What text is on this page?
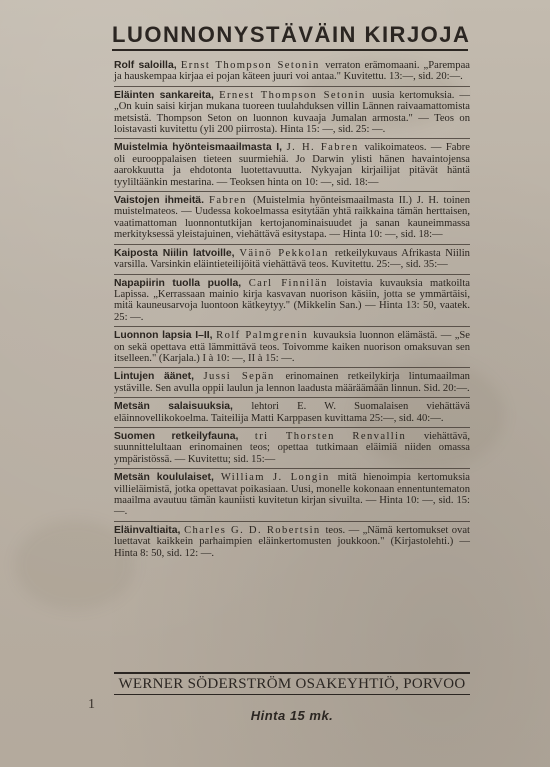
LUONNONYSTÄVÄIN KIRJOJA
Rolf saloilla, Ernst Thompson Setonin verraton erämomaani. „Parempaa ja hauskempaa kirjaa ei pojan käteen juuri voi antaa." Kuvitettu. 13:—, sid. 20:—.
Eläinten sankareita, Ernest Thompson Setonin uusia kertomuksia. — „On kuin saisi kirjan mukana tuoreen tuulahduksen villin Lännen raivaamattomista metsistä. Thompson Seton on luonnon kuvaaja Jumalan armosta." — Teos on loistavasti kuvitettu (yli 200 piirrosta). Hinta 15: —, sid. 25: —.
Muistelmia hyönteismaailmasta I, J. H. Fabren valikoimateos. — Fabre oli eurooppalaisen tieteen suurmiehiä. Jo Darwin ylisti hänen havaintojensa aarokkuutta ja ehdotonta luotettavuutta. Nykyajan kirjailijat pitävät häntä tyyliltäänkin mestarina. — Teoksen hinta on 10: —, sid. 18:—
Vaistojen ihmeitä. Fabren (Muistelmia hyönteismaailmasta II.) J. H. toinen muistelmateos. — Uudessa kokoelmassa esitytään yhtä raikkaina tämän herttaisen, vaatimattoman luonnontutkijan kertojanominaisuudet ja sanan kauneimmassa merkityksessä yleistajuinen, viehättävä esitystapa. — Hinta 10: —, sid. 18:—
Kaiposta Niilin latvoille, Väinö Pekkolan retkeilykuvaus Afrikasta Niilin varsilla. Varsinkin eläintieteilijöitä viehättävä teos. Kuvitettu. 25:—, sid. 35:—
Napapiirin tuolla puolla, Carl Finnilän loistavia kuvauksia matkoilta Lapissa. „Kerrassaan mainio kirja kasvavan nuorison käsiin, jotta se ymmärtäisi, mitä kauneusarvoja luontoon kätkeytyy." (Mikkelin San.) — Hinta 13: 50, vaatek. 25: —.
Luonnon lapsia I–II, Rolf Palmgrenin kuvauksia luonnon elämästä. — „Se on sekä opettava että lämmittävä teos. Toivomme kaiken nuorison omaksuvan sen itselleen." (Karjala.) I à 10: —, II à 15: —.
Lintujen äänet, Jussi Sepän erinomainen retkeilykirja lintumaailman ystäville. Sen avulla oppii laulun ja lennon laadusta määräämään linnun. Sid. 20:—.
Metsän salaisuuksia, lehtori E. W. Suomalaisen viehättävä eläinnovellikokoelma. Taiteilija Matti Karppasen kuvittama 25:—, sid. 40:—.
Suomen retkeilyfauna, tri Thorsten Renvallin viehättävä, suunnittelultaan erinomainen teos; opettaa tutkimaan eläimiä niiden omassa ympäristössä. — Kuvitettu; sid. 15:—
Metsän koululaiset, William J. Longin mitä hienoimpia kertomuksia villieläimistä, jotka opettavat poikasiaan. Uusi, monelle kokonaan ennentuntematon maailma avautuu tämän kauniisti kuvitetun kirjan sivuilta. — Hinta 10: —, sid. 15: —.
Eläinvaltiaita, Charles G. D. Robertsin teos. — „Nämä kertomukset ovat luettavat kaikkein parhaimpien eläinkertomusten joukkoon." (Kirjastolehti.) — Hinta 8: 50, sid. 12: —.
WERNER SÖDERSTRÖM OSAKEYHTIÖ, PORVOO
1
Hinta 15 mk.
